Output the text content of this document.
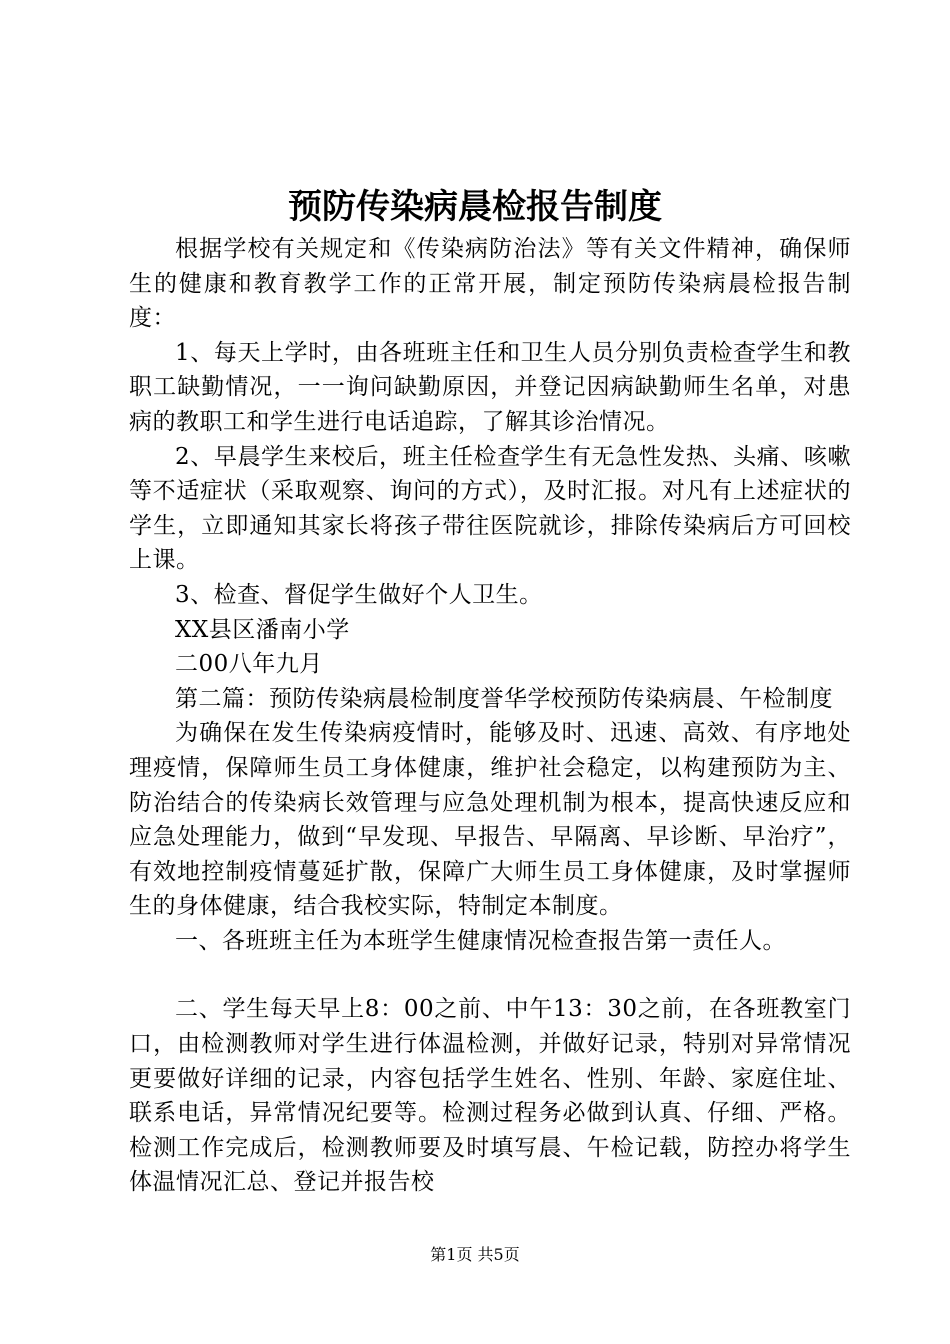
预防传染病晨检报告制度

根据学校有关规定和《传染病防治法》等有关文件精神，确保师生的健康和教育教学工作的正常开展，制定预防传染病晨检报告制度：

1、每天上学时，由各班班主任和卫生人员分别负责检查学生和教职工缺勤情况，一一询问缺勤原因，并登记因病缺勤师生名单，对患病的教职工和学生进行电话追踪，了解其诊治情况。

2、早晨学生来校后，班主任检查学生有无急性发热、头痛、咳嗽等不适症状（采取观察、询问的方式），及时汇报。对凡有上述症状的学生，立即通知其家长将孩子带往医院就诊，排除传染病后方可回校上课。

3、检查、督促学生做好个人卫生。

XX县区潘南小学

二00八年九月

第二篇：预防传染病晨检制度誉华学校预防传染病晨、午检制度

为确保在发生传染病疫情时，能够及时、迅速、高效、有序地处理疫情，保障师生员工身体健康，维护社会稳定，以构建预防为主、防治结合的传染病长效管理与应急处理机制为根本，提高快速反应和应急处理能力，做到“早发现、早报告、早隔离、早诊断、早治疗”，有效地控制疫情蔓延扩散，保障广大师生员工身体健康，及时掌握师生的身体健康，结合我校实际，特制定本制度。

一、各班班主任为本班学生健康情况检查报告第一责任人。

二、学生每天早上8：00之前、中午13：30之前，在各班教室门口，由检测教师对学生进行体温检测，并做好记录，特别对异常情况更要做好详细的记录，内容包括学生姓名、性别、年龄、家庭住址、联系电话，异常情况纪要等。检测过程务必做到认真、仔细、严格。检测工作完成后，检测教师要及时填写晨、午检记载，防控办将学生体温情况汇总、登记并报告校

第1页 共5页
